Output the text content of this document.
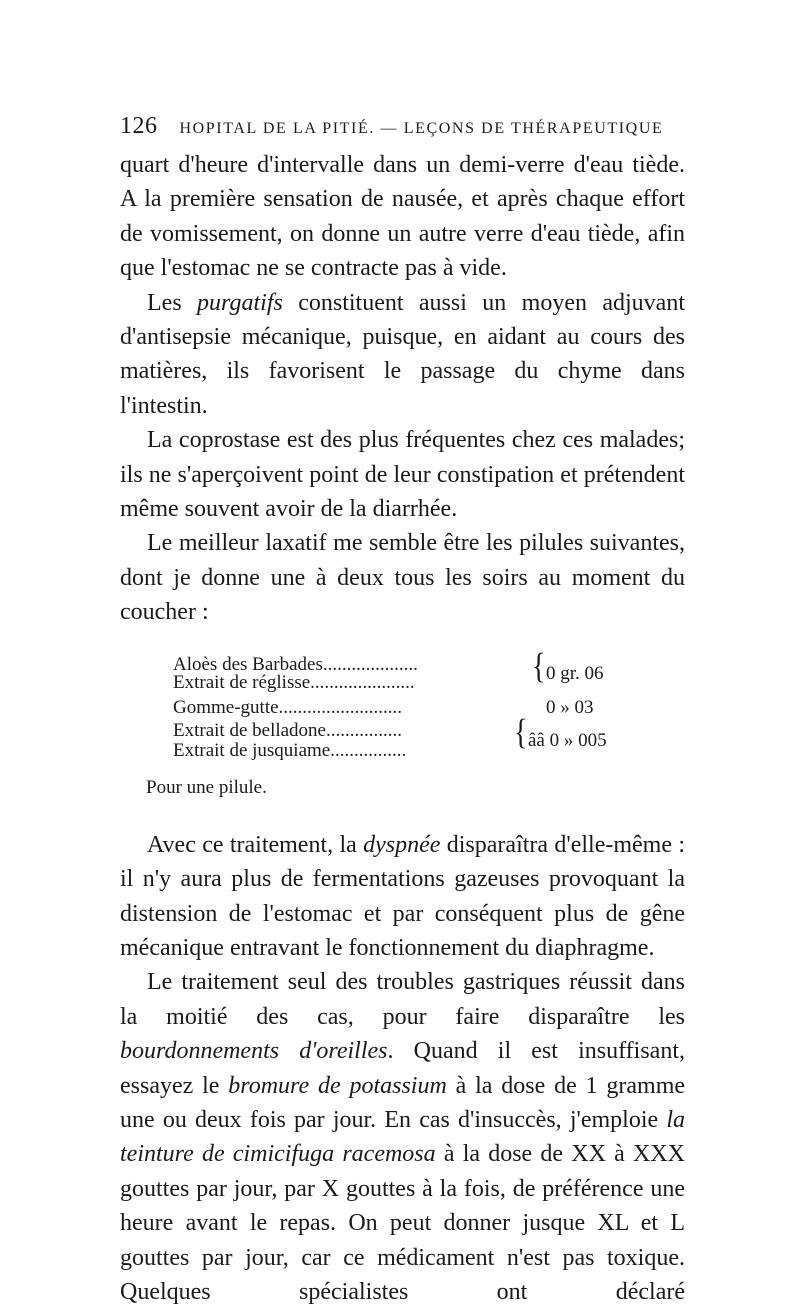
126 HOPITAL DE LA PITIÉ. — LEÇONS DE THÉRAPEUTIQUE

quart d'heure d'intervalle dans un demi-verre d'eau tiède. A la première sensation de nausée, et après chaque effort de vomissement, on donne un autre verre d'eau tiède, afin que l'estomac ne se contracte pas à vide.

Les purgatifs constituent aussi un moyen adjuvant d'antisepsie mécanique, puisque, en aidant au cours des matières, ils favorisent le passage du chyme dans l'intestin.

La coprostase est des plus fréquentes chez ces malades; ils ne s'aperçoivent point de leur constipation et prétendent même souvent avoir de la diarrhée.

Le meilleur laxatif me semble être les pilules suivantes, dont je donne une à deux tous les soirs au moment du coucher :

Aloès des Barbades....................
Extrait de réglisse......................	{ 0 gr. 06
Gomme-gutte..........................	0 » 03
Extrait de belladone................
Extrait de jusquiame................	{ ââ 0 » 005
Pour une pilule.

Avec ce traitement, la dyspnée disparaîtra d'elle-même : il n'y aura plus de fermentations gazeuses provoquant la distension de l'estomac et par conséquent plus de gêne mécanique entravant le fonctionnement du diaphragme.

Le traitement seul des troubles gastriques réussit dans la moitié des cas, pour faire disparaître les bourdonnements d'oreilles. Quand il est insuffisant, essayez le bromure de potassium à la dose de 1 gramme une ou deux fois par jour. En cas d'insuccès, j'emploie la teinture de cimicifuga racemosa à la dose de XX à XXX gouttes par jour, par X gouttes à la fois, de préférence une heure avant le repas. On peut donner jusque XL et L gouttes par jour, car ce médicament n'est pas toxique. Quelques spécialistes ont déclaré
